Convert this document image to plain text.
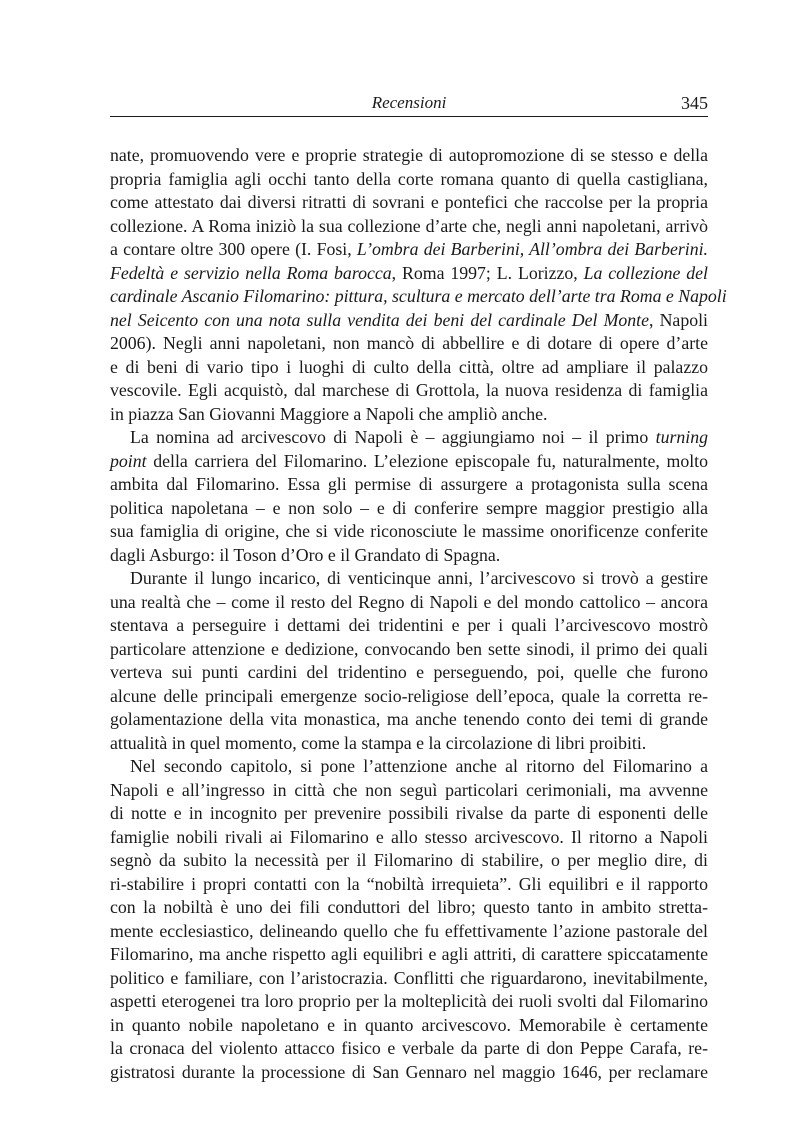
Recensioni	345

nate, promuovendo vere e proprie strategie di autopromozione di se stesso e della
propria famiglia agli occhi tanto della corte romana quanto di quella castigliana,
come attestato dai diversi ritratti di sovrani e pontefici che raccolse per la propria
collezione. A Roma iniziò la sua collezione d’arte che, negli anni napoletani, arrivò
a contare oltre 300 opere (I. Fosi, L’ombra dei Barberini, All’ombra dei Barberini.
Fedeltà e servizio nella Roma barocca, Roma 1997; L. Lorizzo, La collezione del
cardinale Ascanio Filomarino: pittura, scultura e mercato dell’arte tra Roma e Napoli
nel Seicento con una nota sulla vendita dei beni del cardinale Del Monte, Napoli
2006). Negli anni napoletani, non mancò di abbellire e di dotare di opere d’arte
e di beni di vario tipo i luoghi di culto della città, oltre ad ampliare il palazzo
vescovile. Egli acquistò, dal marchese di Grottola, la nuova residenza di famiglia
in piazza San Giovanni Maggiore a Napoli che ampliò anche.

La nomina ad arcivescovo di Napoli è – aggiungiamo noi – il primo turning
point della carriera del Filomarino. L’elezione episcopale fu, naturalmente, molto
ambita dal Filomarino. Essa gli permise di assurgere a protagonista sulla scena
politica napoletana – e non solo – e di conferire sempre maggior prestigio alla
sua famiglia di origine, che si vide riconosciute le massime onorificenze conferite
dagli Asburgo: il Toson d’Oro e il Grandato di Spagna.

Durante il lungo incarico, di venticinque anni, l’arcivescovo si trovò a gestire
una realtà che – come il resto del Regno di Napoli e del mondo cattolico – ancora
stentava a perseguire i dettami dei tridentini e per i quali l’arcivescovo mostrò
particolare attenzione e dedizione, convocando ben sette sinodi, il primo dei quali
verteva sui punti cardini del tridentino e perseguendo, poi, quelle che furono
alcune delle principali emergenze socio-religiose dell’epoca, quale la corretta re-
golamentazione della vita monastica, ma anche tenendo conto dei temi di grande
attualità in quel momento, come la stampa e la circolazione di libri proibiti.

Nel secondo capitolo, si pone l’attenzione anche al ritorno del Filomarino a
Napoli e all’ingresso in città che non seguì particolari cerimoniali, ma avvenne
di notte e in incognito per prevenire possibili rivalse da parte di esponenti delle
famiglie nobili rivali ai Filomarino e allo stesso arcivescovo. Il ritorno a Napoli
segnò da subito la necessità per il Filomarino di stabilire, o per meglio dire, di
ri-stabilire i propri contatti con la “nobiltà irrequieta”. Gli equilibri e il rapporto
con la nobiltà è uno dei fili conduttori del libro; questo tanto in ambito stretta-
mente ecclesiastico, delineando quello che fu effettivamente l’azione pastorale del
Filomarino, ma anche rispetto agli equilibri e agli attriti, di carattere spiccatamente
politico e familiare, con l’aristocrazia. Conflitti che riguardarono, inevitabilmente,
aspetti eterogenei tra loro proprio per la molteplicità dei ruoli svolti dal Filomarino
in quanto nobile napoletano e in quanto arcivescovo. Memorabile è certamente
la cronaca del violento attacco fisico e verbale da parte di don Peppe Carafa, re-
gistratosi durante la processione di San Gennaro nel maggio 1646, per reclamare
